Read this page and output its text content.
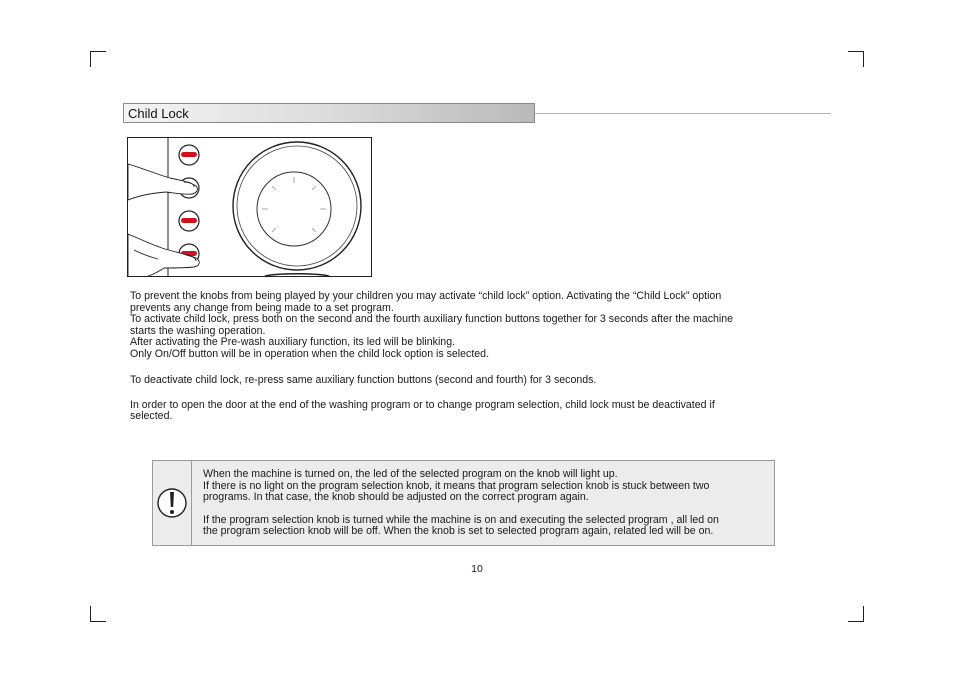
Child Lock

To prevent the knobs from being played by your children you may activate “child lock” option. Activating the “Child Lock” option

prevents any change from being made to a set program.

To activate child lock, press both on the second and the fourth auxiliary function buttons together for 3 seconds after the machine

starts the washing operation.

After activating the Pre-wash auxiliary function, its led will be blinking.

Only On/Off button will be in operation when the child lock option is selected.

To deactivate child lock, re-press same auxiliary function buttons (second and fourth) for 3 seconds.

In order to open the door at the end of the washing program or to change program selection, child lock must be deactivated if

selected.

When the machine is turned on, the led of the selected program on the knob will light up.

If there is no light on the program selection knob, it means that program selection knob is stuck between two

programs. In that case, the knob should be adjusted on the correct program again.

If the program selection knob is turned while the machine is on and executing the selected program , all led on

the program selection knob will be off. When the knob is set to selected program again, related led will be on.

10
